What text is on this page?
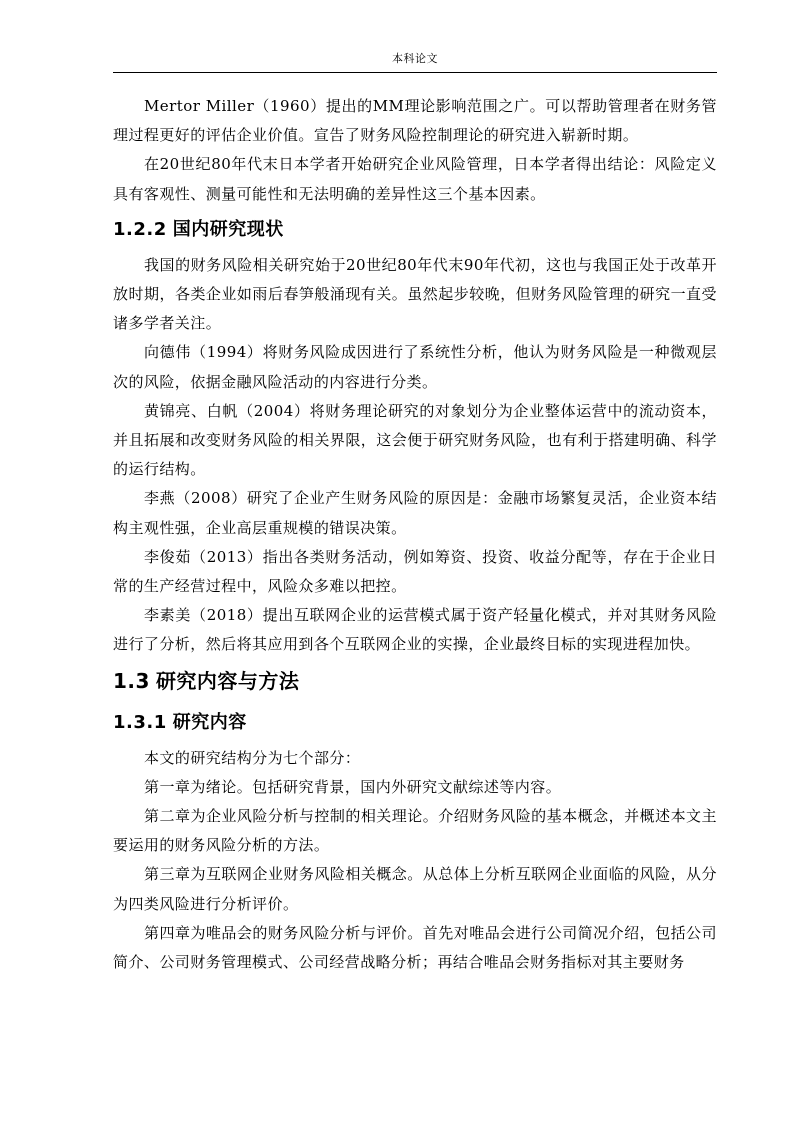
本科论文

Mertor Miller（1960）提出的MM理论影响范围之广。可以帮助管理者在财务管理过程更好的评估企业价值。宣告了财务风险控制理论的研究进入崭新时期。

在20世纪80年代末日本学者开始研究企业风险管理，日本学者得出结论：风险定义具有客观性、测量可能性和无法明确的差异性这三个基本因素。

1.2.2 国内研究现状

我国的财务风险相关研究始于20世纪80年代末90年代初，这也与我国正处于改革开放时期，各类企业如雨后春笋般涌现有关。虽然起步较晚，但财务风险管理的研究一直受诸多学者关注。

向德伟（1994）将财务风险成因进行了系统性分析，他认为财务风险是一种微观层次的风险，依据金融风险活动的内容进行分类。

黄锦亮、白帆（2004）将财务理论研究的对象划分为企业整体运营中的流动资本，并且拓展和改变财务风险的相关界限，这会便于研究财务风险，也有利于搭建明确、科学的运行结构。

李燕（2008）研究了企业产生财务风险的原因是：金融市场繁复灵活，企业资本结构主观性强，企业高层重规模的错误决策。

李俊茹（2013）指出各类财务活动，例如筹资、投资、收益分配等，存在于企业日常的生产经营过程中，风险众多难以把控。

李素美（2018）提出互联网企业的运营模式属于资产轻量化模式，并对其财务风险进行了分析，然后将其应用到各个互联网企业的实操，企业最终目标的实现进程加快。

1.3 研究内容与方法
1.3.1 研究内容

本文的研究结构分为七个部分：

第一章为绪论。包括研究背景，国内外研究文献综述等内容。

第二章为企业风险分析与控制的相关理论。介绍财务风险的基本概念，并概述本文主要运用的财务风险分析的方法。

第三章为互联网企业财务风险相关概念。从总体上分析互联网企业面临的风险，从分为四类风险进行分析评价。

第四章为唯品会的财务风险分析与评价。首先对唯品会进行公司简况介绍，包括公司简介、公司财务管理模式、公司经营战略分析；再结合唯品会财务指标对其主要财务
